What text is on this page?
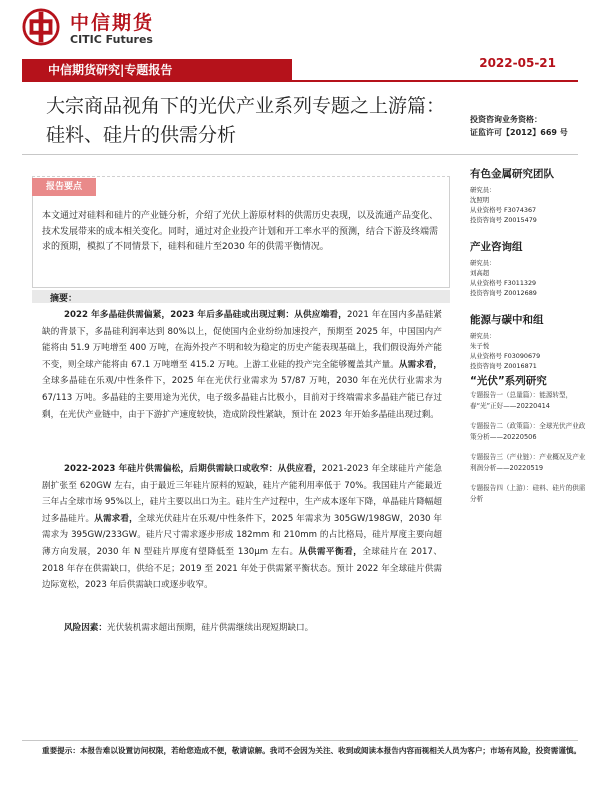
中信期货
CITIC Futures
中信期货研究|专题报告	2022-05-21
大宗商品视角下的光伏产业系列专题之上游篇：硅料、硅片的供需分析
投资咨询业务资格：
证监许可【2012】669 号
报告要点
本文通过对硅料和硅片的产业链分析，介绍了光伏上游原材料的供需历史表现，以及流通产品变化、技术发展带来的成本相关变化。同时，通过对企业投产计划和开工率水平的预测，结合下游及终端需求的预期，模拟了不同情景下，硅料和硅片至2030 年的供需平衡情况。
摘要：
2022 年多晶硅供需偏紧，2023 年后多晶硅或出现过剩：从供应端看，2021 年在国内多晶硅紧缺的背景下，多晶硅利润率达到 80%以上，促使国内企业纷纷加速投产，预期至 2025 年，中国国内产能将由 51.9 万吨增至 400 万吨，在海外投产不明和较为稳定的历史产能表现基础上，我们假设海外产能不变，则全球产能将由 67.1 万吨增至 415.2 万吨。上游工业硅的投产完全能够覆盖其产量。从需求看，全球多晶硅在乐观/中性条件下，2025 年在光伏行业需求为 57/87 万吨，2030 年在光伏行业需求为 67/113 万吨。多晶硅的主要用途为光伏，电子级多晶硅占比极小，目前对于终端需求多晶硅产能已存过剩，在光伏产业链中，由于下游扩产速度较快，造成阶段性紧缺，预计在 2023 年开始多晶硅出现过剩。
2022-2023 年硅片供需偏松，后期供需缺口或收窄：从供应看，2021-2023 年全球硅片产能急剧扩张至 620GW 左右，由于最近三年硅片原料的短缺，硅片产能利用率低于 70%。我国硅片产能最近三年占全球市场 95%以上，硅片主要以出口为主。硅片生产过程中，生产成本逐年下降，单晶硅片降幅超过多晶硅片。从需求看，全球光伏硅片在乐观/中性条件下，2025 年需求为 305GW/198GW，2030 年需求为 395GW/233GW。硅片尺寸需求逐步形成 182mm 和 210mm 的占比格局，硅片厚度主要向超薄方向发展，2030 年 N 型硅片厚度有望降低至 130μm 左右。从供需平衡看，全球硅片在 2017、2018 年存在供需缺口，供给不足；2019 至 2021 年处于供需紧平衡状态。预计 2022 年全球硅片供需边际宽松，2023 年后供需缺口或逐步收窄。
风险因素：光伏装机需求超出预期，硅片供需继续出现短期缺口。
有色金属研究团队
研究员：
沈照明
从业资格号 F3074367
投资咨询号 Z0015479
产业咨询组
研究员：
刘高超
从业资格号 F3011329
投资咨询号 Z0012689
能源与碳中和组
研究员：
朱子悦
从业资格号 F03090679
投资咨询号 Z0016871
“光伏”系列研究
专题报告一（总量篇）：能源转型，春“光”正好——20220414
专题报告二（政策篇）：全球光伏产业政策分析——20220506
专题报告三（产业链）：产业概况及产业利润分析——20220519
专题报告四（上游）：硅料、硅片的供需分析
重要提示：本报告难以设置访问权限，若给您造成不便，敬请谅解。我司不会因为关注、收到或阅读本报告内容而视相关人员为客户；市场有风险，投资需谨慎。
